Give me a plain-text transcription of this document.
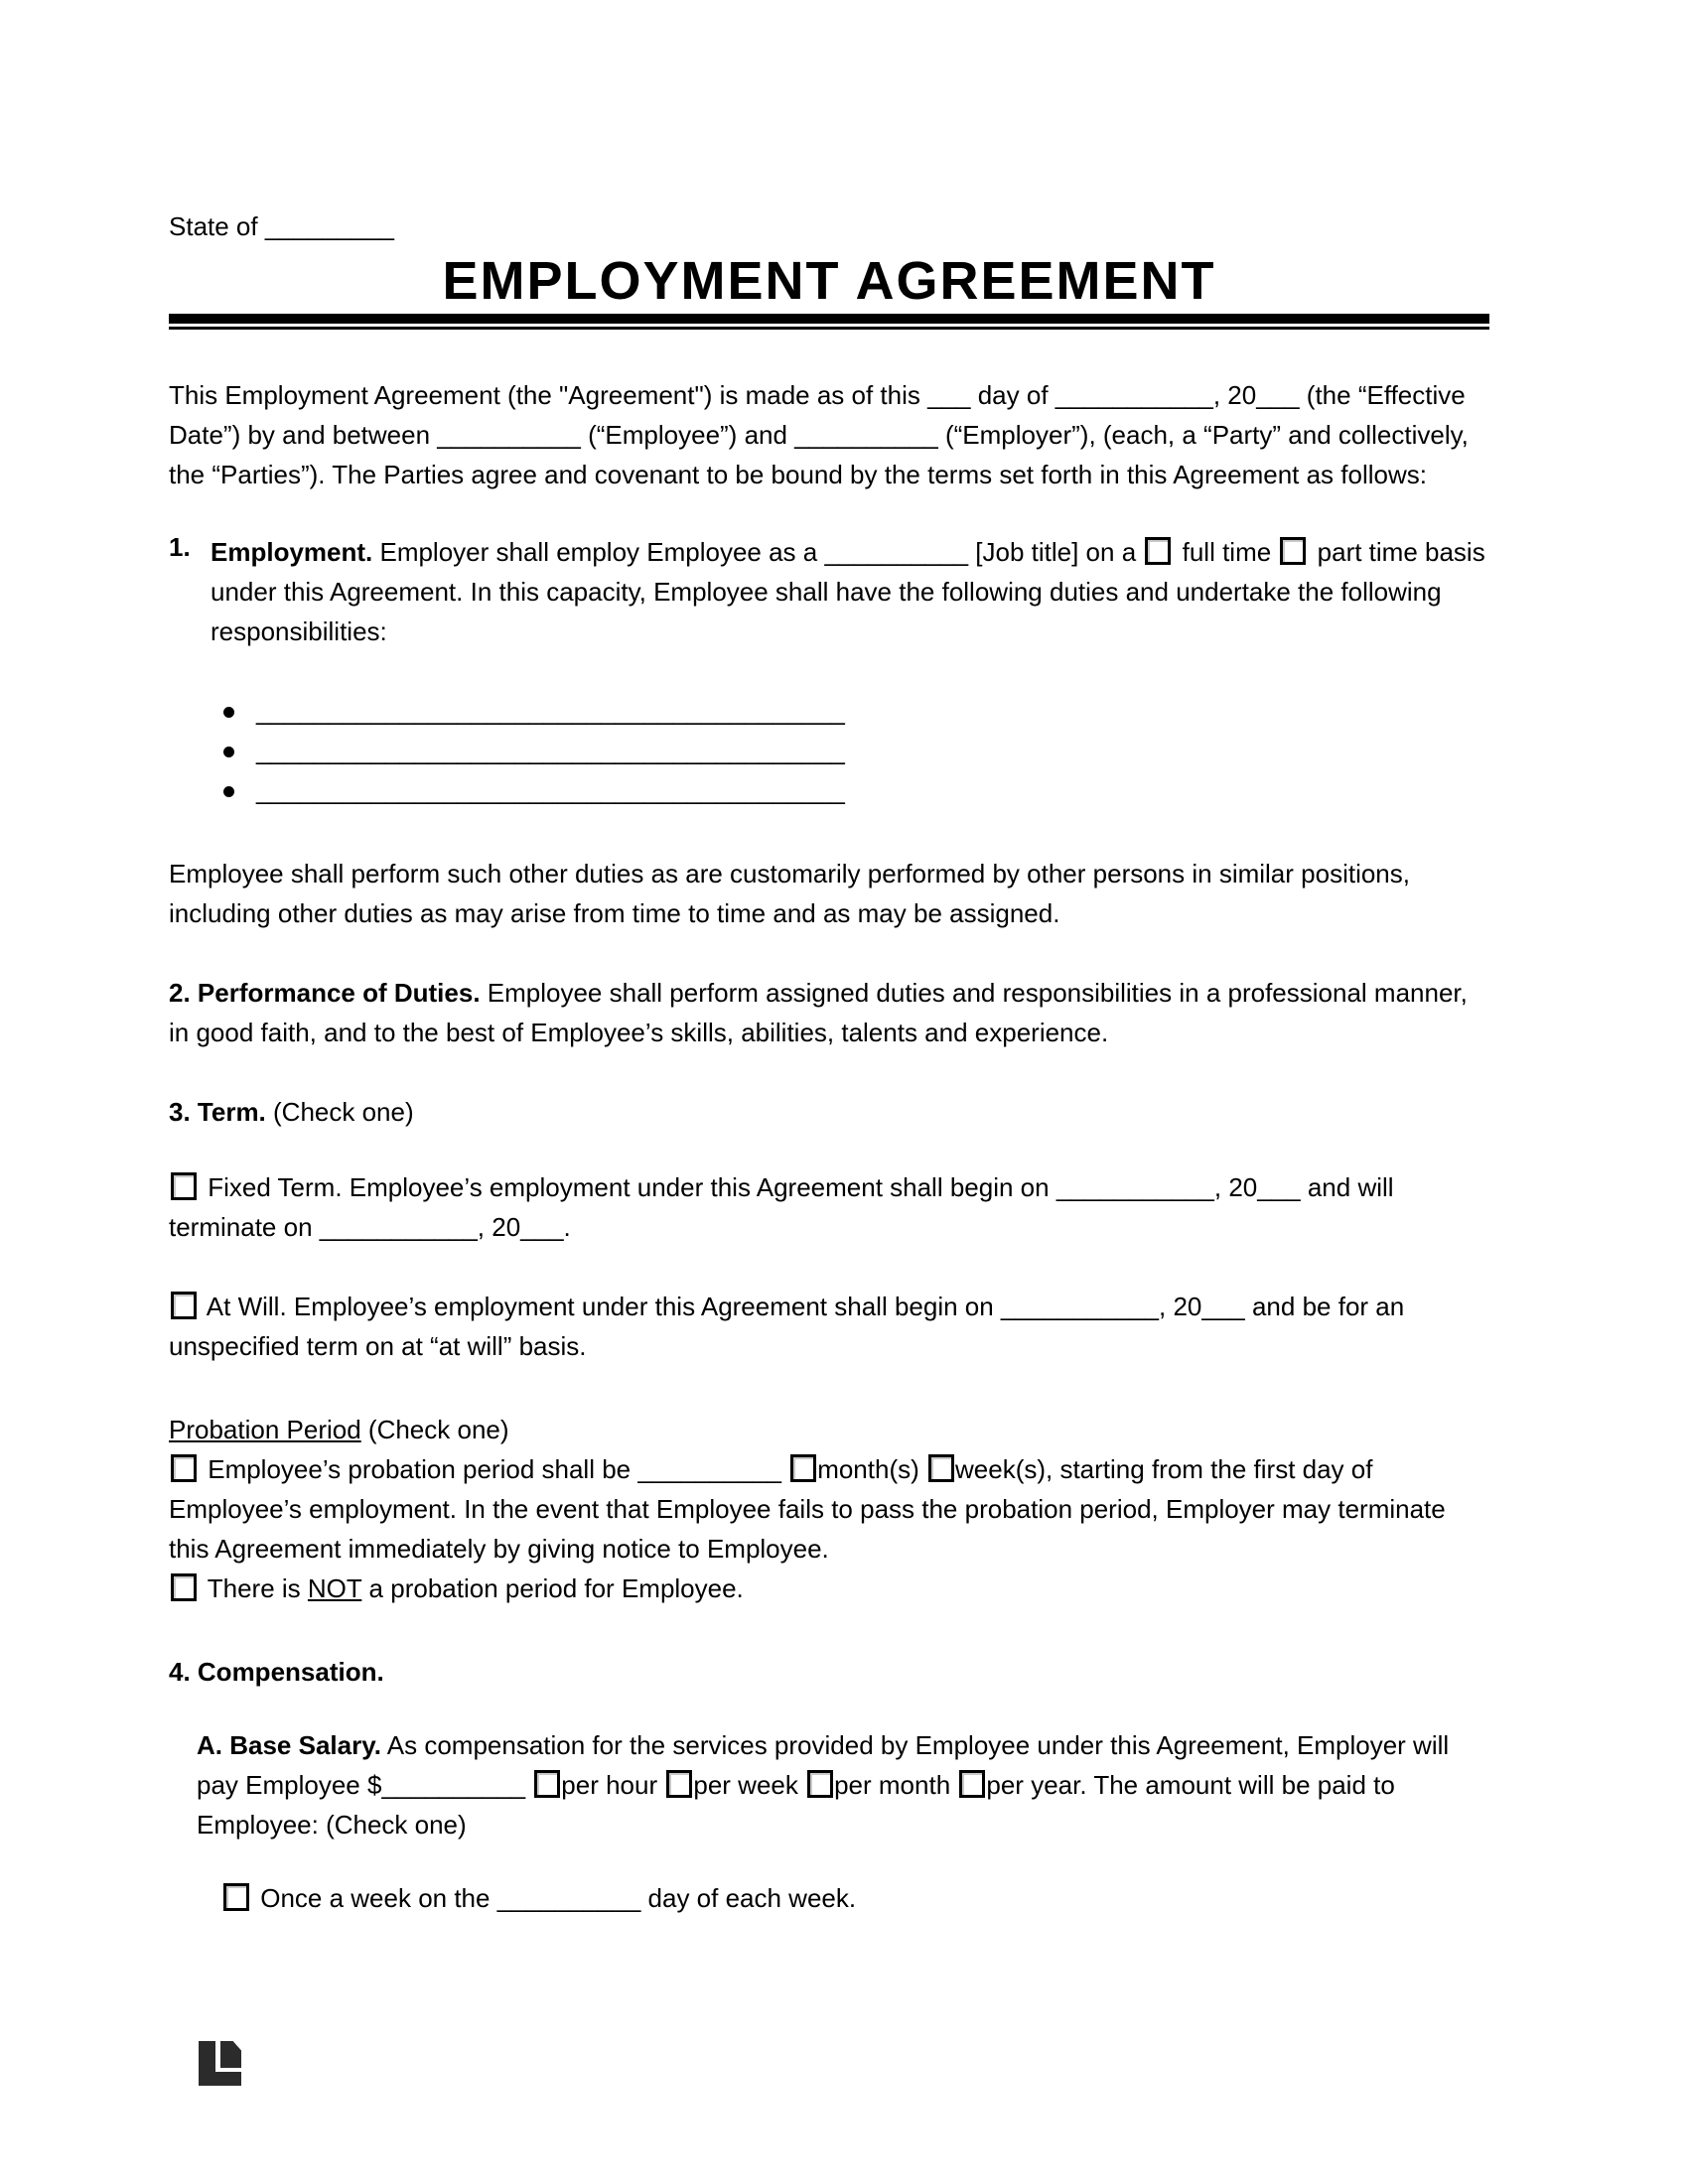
State of _________

EMPLOYMENT AGREEMENT

This Employment Agreement (the "Agreement") is made as of this ___ day of ___________, 20___ (the “Effective Date”) by and between __________ (“Employee”) and __________ (“Employer”), (each, a “Party” and collectively, the “Parties”). The Parties agree and covenant to be bound by the terms set forth in this Agreement as follows:

1. Employment. Employer shall employ Employee as a __________ [Job title] on a  full time  part time basis under this Agreement. In this capacity, Employee shall have the following duties and undertake the following responsibilities:

_________________________________________

_________________________________________

_________________________________________

Employee shall perform such other duties as are customarily performed by other persons in similar positions, including other duties as may arise from time to time and as may be assigned.

2. Performance of Duties. Employee shall perform assigned duties and responsibilities in a professional manner, in good faith, and to the best of Employee’s skills, abilities, talents and experience.

3. Term. (Check one)

Fixed Term. Employee’s employment under this Agreement shall begin on ___________, 20___ and will terminate on ___________, 20___.

At Will. Employee’s employment under this Agreement shall begin on ___________, 20___ and be for an unspecified term on at “at will” basis.

Probation Period (Check one)

Employee’s probation period shall be __________ month(s) week(s), starting from the first day of Employee’s employment. In the event that Employee fails to pass the probation period, Employer may terminate this Agreement immediately by giving notice to Employee.

There is NOT a probation period for Employee.

4. Compensation.

A. Base Salary. As compensation for the services provided by Employee under this Agreement, Employer will pay Employee $__________ per hour per week per month per year. The amount will be paid to Employee: (Check one)

Once a week on the __________ day of each week.
